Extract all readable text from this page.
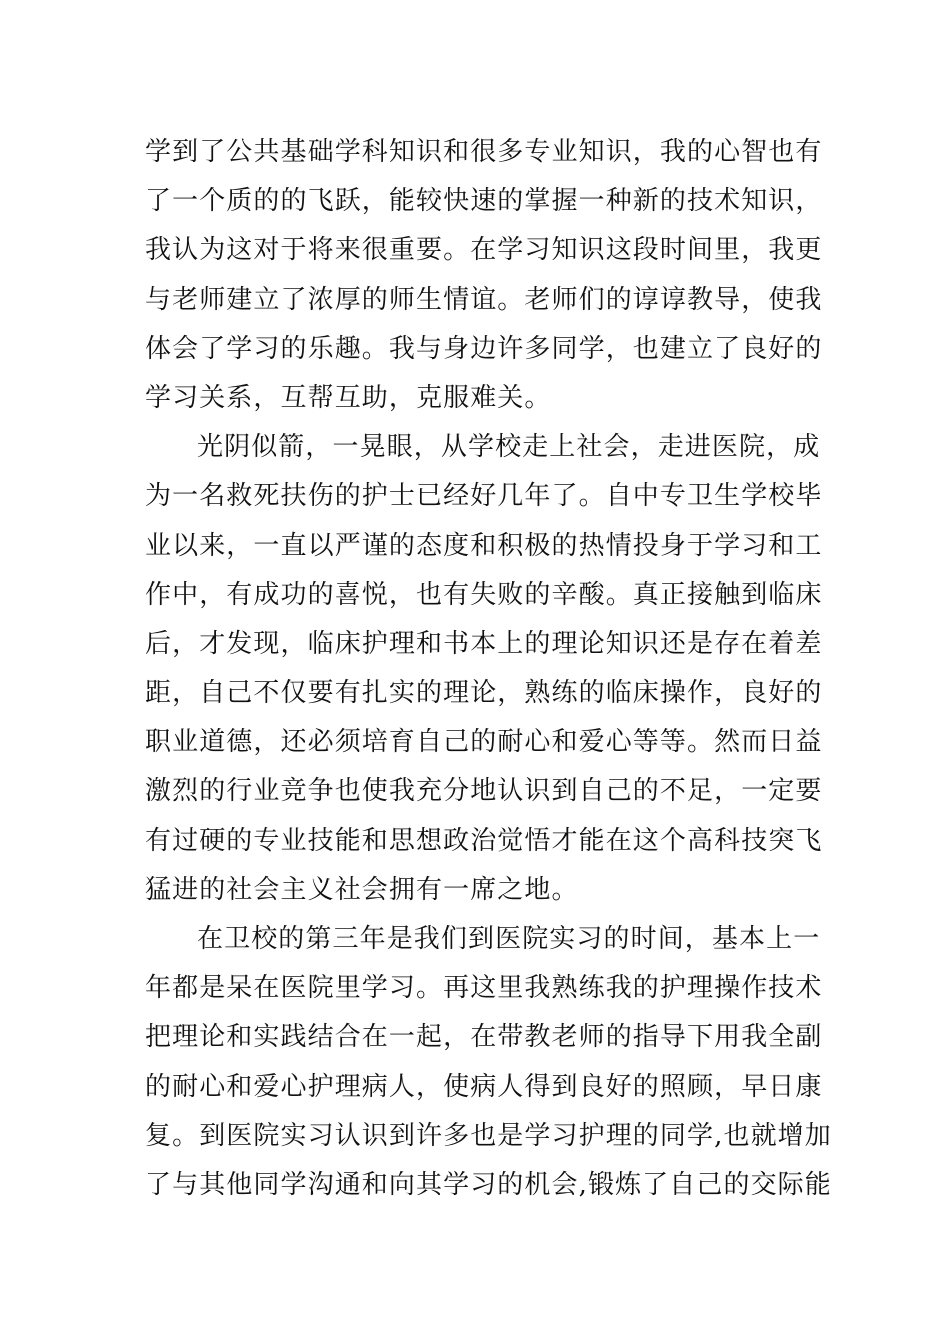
学到了公共基础学科知识和很多专业知识，我的心智也有
了一个质的的飞跃，能较快速的掌握一种新的技术知识，
我认为这对于将来很重要。在学习知识这段时间里，我更
与老师建立了浓厚的师生情谊。老师们的谆谆教导，使我
体会了学习的乐趣。我与身边许多同学，也建立了良好的
学习关系，互帮互助，克服难关。
光阴似箭，一晃眼，从学校走上社会，走进医院，成
为一名救死扶伤的护士已经好几年了。自中专卫生学校毕
业以来，一直以严谨的态度和积极的热情投身于学习和工
作中，有成功的喜悦，也有失败的辛酸。真正接触到临床
后，才发现，临床护理和书本上的理论知识还是存在着差
距，自己不仅要有扎实的理论，熟练的临床操作，良好的
职业道德，还必须培育自己的耐心和爱心等等。然而日益
激烈的行业竞争也使我充分地认识到自己的不足，一定要
有过硬的专业技能和思想政治觉悟才能在这个高科技突飞
猛进的社会主义社会拥有一席之地。
在卫校的第三年是我们到医院实习的时间，基本上一
年都是呆在医院里学习。再这里我熟练我的护理操作技术
把理论和实践结合在一起，在带教老师的指导下用我全副
的耐心和爱心护理病人，使病人得到良好的照顾，早日康
复。到医院实习认识到许多也是学习护理的同学,也就增加
了与其他同学沟通和向其学习的机会,锻炼了自己的交际能
